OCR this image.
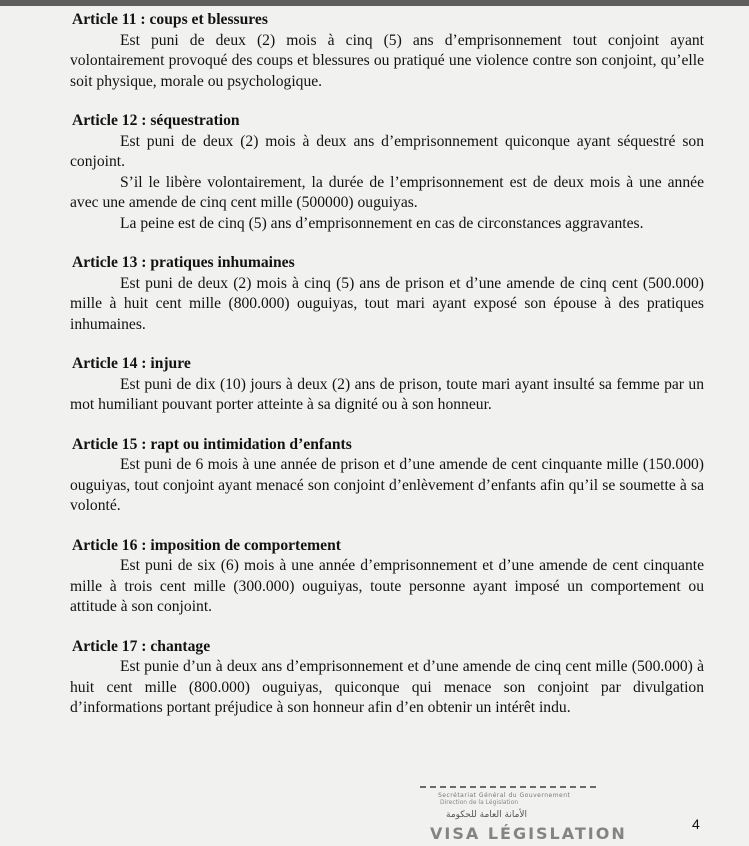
Article 11 : coups et blessures
Est puni de deux (2) mois à cinq (5) ans d’emprisonnement tout conjoint ayant volontairement provoqué des coups et blessures ou pratiqué une violence contre son conjoint, qu’elle soit physique, morale ou psychologique.
Article 12 : séquestration
Est puni de deux (2) mois à deux ans d’emprisonnement quiconque ayant séquestré son conjoint.
S’il le libère volontairement, la durée de l’emprisonnement est de deux mois à une année avec une amende de cinq cent mille (500000) ouguiyas.
La peine est de cinq (5) ans d’emprisonnement en cas de circonstances aggravantes.
Article 13 : pratiques inhumaines
Est puni de deux (2) mois à cinq (5) ans de prison et d’une amende de cinq cent (500.000) mille à huit cent mille (800.000) ouguiyas, tout mari ayant exposé son épouse à des pratiques inhumaines.
Article 14 : injure
Est puni de dix (10) jours à deux (2) ans de prison, toute mari ayant insulté sa femme par un mot humiliant pouvant porter atteinte à sa dignité ou à son honneur.
Article 15 : rapt ou intimidation d’enfants
Est puni de 6 mois à une année de prison et d’une amende de cent cinquante mille (150.000) ouguiyas, tout conjoint ayant menacé son conjoint d’enlèvement d’enfants afin qu’il se soumette à sa volonté.
Article 16 : imposition de comportement
Est puni de six (6) mois à une année d’emprisonnement et d’une amende de cent cinquante mille à trois cent mille (300.000) ouguiyas, toute personne ayant imposé un comportement ou attitude à son conjoint.
Article 17 : chantage
Est punie d’un à deux ans d’emprisonnement et d’une amende de cinq cent mille (500.000) à huit cent mille (800.000) ouguiyas, quiconque qui menace son conjoint par divulgation d’informations portant préjudice à son honneur afin d’en obtenir un intérêt indu.
Secrétariat Général du Gouvernement
Direction de la Législation
الأمانة العامة للحكومة
VISA LÉGISLATION	4
